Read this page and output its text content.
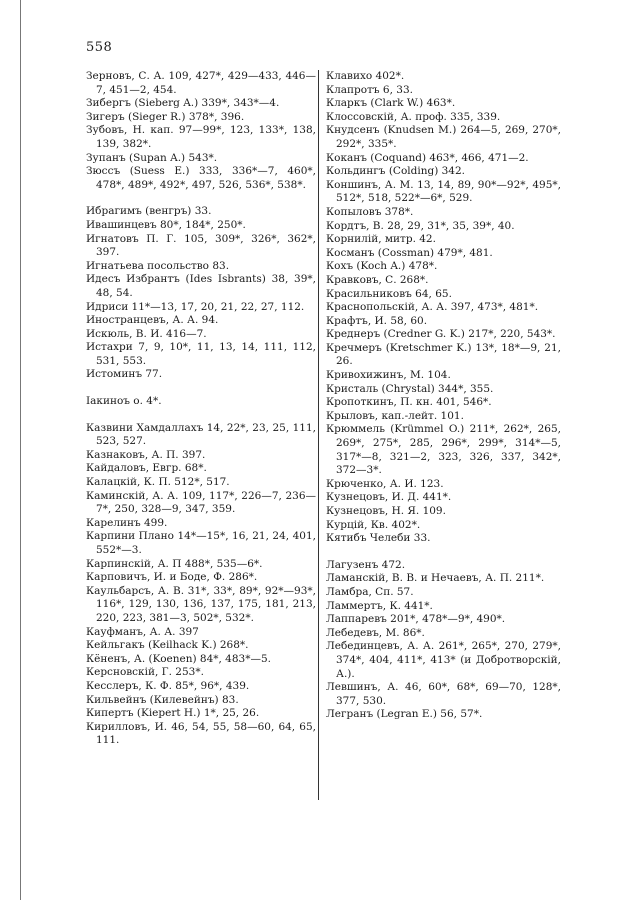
558
Зерновъ, С. А. 109, 427*, 429—433, 446—7, 451—2, 454.
Зибергъ (Sieberg A.) 339*, 343*—4.
Зигеръ (Sieger R.) 378*, 396.
Зубовъ, Н. кап. 97—99*, 123, 133*, 138, 139, 382*.
Зупанъ (Supan A.) 543*.
Зюссъ (Suess E.) 333, 336*—7, 460*, 478*, 489*, 492*, 497, 526, 536*, 538*.
Ибрагимъ (венгръ) 33.
Ивашинцевъ 80*, 184*, 250*.
Игнатовъ П. Г. 105, 309*, 326*, 362*, 397.
Игнатьева посольство 83.
Идесъ Избрантъ (Ides Isbrants) 38, 39*, 48, 54.
Идриси 11*—13, 17, 20, 21, 22, 27, 112.
Иностранцевъ, А. А. 94.
Искюль, В. И. 416—7.
Истахри 7, 9, 10*, 11, 13, 14, 111, 112, 531, 553.
Истоминъ 77.
Іакиноъ о. 4*.
Казвини Хамдаллахъ 14, 22*, 23, 25, 111, 523, 527.
Казнаковъ, А. П. 397.
Кайдаловъ, Евгр. 68*.
Калацкій, К. П. 512*, 517.
Каминскій, А. А. 109, 117*, 226—7, 236—7*, 250, 328—9, 347, 359.
Карелинъ 499.
Карпини Плано 14*—15*, 16, 21, 24, 401, 552*—3.
Карпинскій, А. П 488*, 535—6*.
Карповичъ, И. и Боде, Ф. 286*.
Каульбарсъ, А. В. 31*, 33*, 89*, 92*—93*, 116*, 129, 130, 136, 137, 175, 181, 213, 220, 223, 381—3, 502*, 532*.
Кауфманъ, А. А. 397
Кейльгакъ (Keilhack K.) 268*.
Кёненъ, А. (Koenen) 84*, 483*—5.
Керсновскій, Г. 253*.
Кесслеръ, К. Ф. 85*, 96*, 439.
Кильвейнъ (Килевейнъ) 83.
Кипертъ (Kiepert H.) 1*, 25, 26.
Кирилловъ, И. 46, 54, 55, 58—60, 64, 65, 111.
Клавихо 402*.
Клапротъ 6, 33.
Кларкъ (Clark W.) 463*.
Клоссовскій, А. проф. 335, 339.
Кнудсенъ (Knudsen M.) 264—5, 269, 270*, 292*, 335*.
Коканъ (Coquand) 463*, 466, 471—2.
Кольдингъ (Colding) 342.
Коншинъ, А. М. 13, 14, 89, 90*—92*, 495*, 512*, 518, 522*—6*, 529.
Копыловъ 378*.
Кордтъ, В. 28, 29, 31*, 35, 39*, 40.
Корнилій, митр. 42.
Косманъ (Cossman) 479*, 481.
Кохъ (Koch A.) 478*.
Кравковъ, С. 268*.
Красильниковъ 64, 65.
Краснопольскій, А. А. 397, 473*, 481*.
Крафтъ, И. 58, 60.
Креднеръ (Credner G. K.) 217*, 220, 543*.
Кречмеръ (Kretschmer K.) 13*, 18*—9, 21, 26.
Кривохижинъ, М. 104.
Кристаль (Chrystal) 344*, 355.
Кропоткинъ, П. кн. 401, 546*.
Крыловъ, кап.-лейт. 101.
Крюммель (Krümmel O.) 211*, 262*, 265, 269*, 275*, 285, 296*, 299*, 314*—5, 317*—8, 321—2, 323, 326, 337, 342*, 372—3*.
Крюченко, А. И. 123.
Кузнецовъ, И. Д. 441*.
Кузнецовъ, Н. Я. 109.
Курцій, Кв. 402*.
Кятибъ Челеби 33.
Лагузенъ 472.
Ламанскій, В. В. и Нечаевъ, А. П. 211*.
Ламбра, Сп. 57.
Ламмертъ, К. 441*.
Лаппаревъ 201*, 478*—9*, 490*.
Лебедевъ, М. 86*.
Лебединцевъ, А. А. 261*, 265*, 270, 279*, 374*, 404, 411*, 413* (и Добротворскій, А.).
Левшинъ, А. 46, 60*, 68*, 69—70, 128*, 377, 530.
Легранъ (Legran E.) 56, 57*.
